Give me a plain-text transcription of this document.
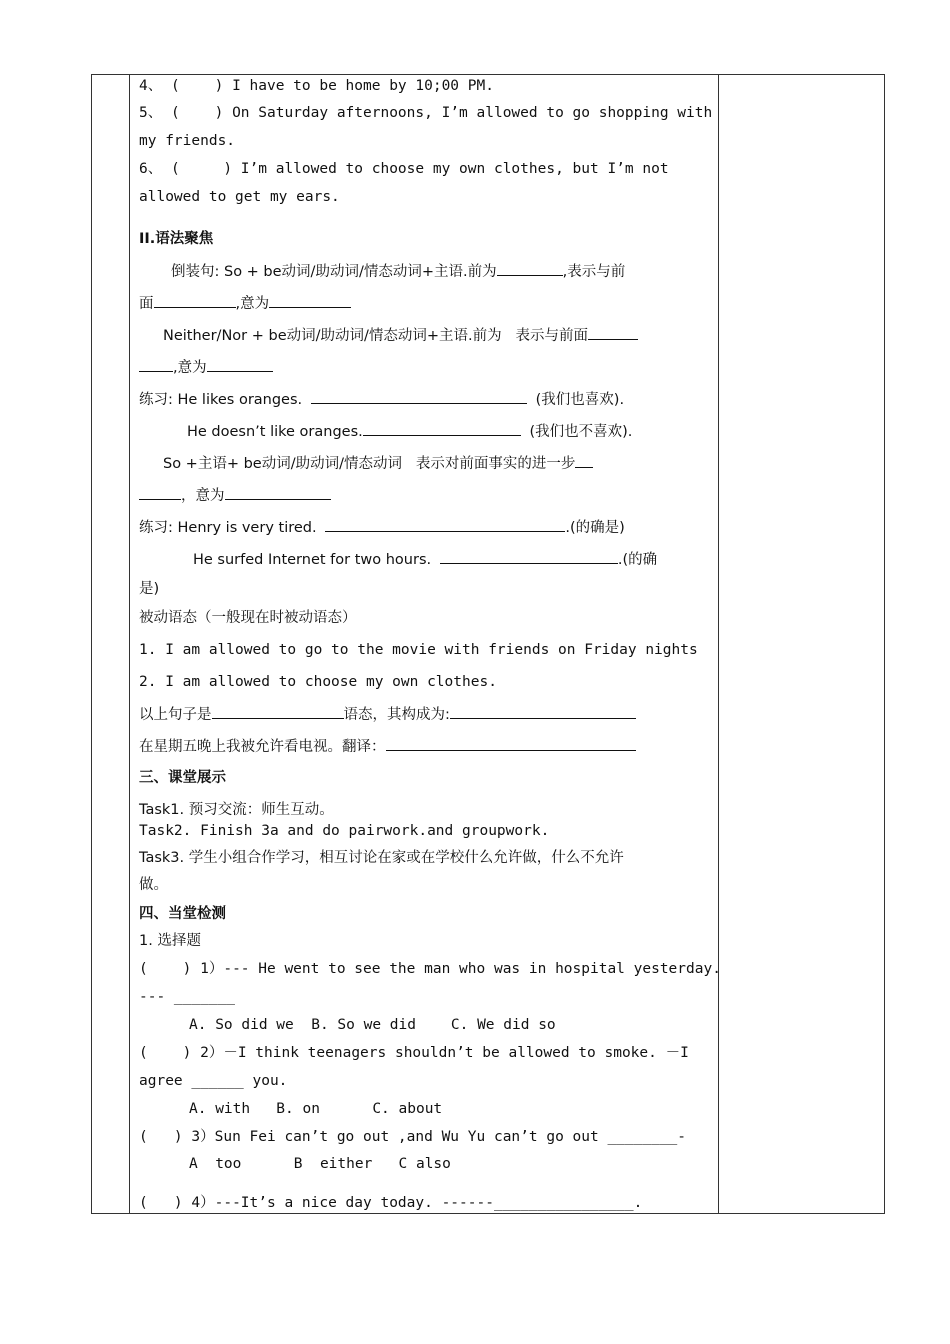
4、 (    ) I have to be home by 10;00 PM.
5、 (    ) On Saturday afternoons, I’m allowed to go shopping with
my friends.
6、 (     ) I’m allowed to choose my own clothes, but I’m not
allowed to get my ears.
II.语法聚焦
倒装句: So + be动词/助动词/情态动词+主语.前为	,表示与前
面	,意为
Neither/Nor + be动词/助动词/情态动词+主语.前为   表示与前面
,意为
练习: He likes oranges.	(我们也喜欢).
He doesn’t like oranges.	(我们也不喜欢).
So +主语+ be动词/助动词/情态动词   表示对前面事实的进一步
，意为
练习: Henry is very tired.	.(的确是)
He surfed Internet for two hours.	.(的确
是)
被动语态（一般现在时被动语态）
1. I am allowed to go to the movie with friends on Friday nights
2. I am allowed to choose my own clothes.
以上句子是	语态，其构成为:
在星期五晚上我被允许看电视。翻译：
三、课堂展示
Task1. 预习交流：师生互动。
Task2. Finish 3a and do pairwork.and groupwork.
Task3. 学生小组合作学习，相互讨论在家或在学校什么允许做，什么不允许
做。
四、当堂检测
1. 选择题
(    ) 1）--- He went to see the man who was in hospital yesterday.
--- _______
A. So did we  B. So we did    C. We did so
(    ) 2）－I think teenagers shouldn’t be allowed to smoke. －I
agree ______ you.
A. with   B. on      C. about
(   ) 3）Sun Fei can’t go out ,and Wu Yu can’t go out ________-
A  too      B  either   C also
(   ) 4）---It’s a nice day today. ------________________.
